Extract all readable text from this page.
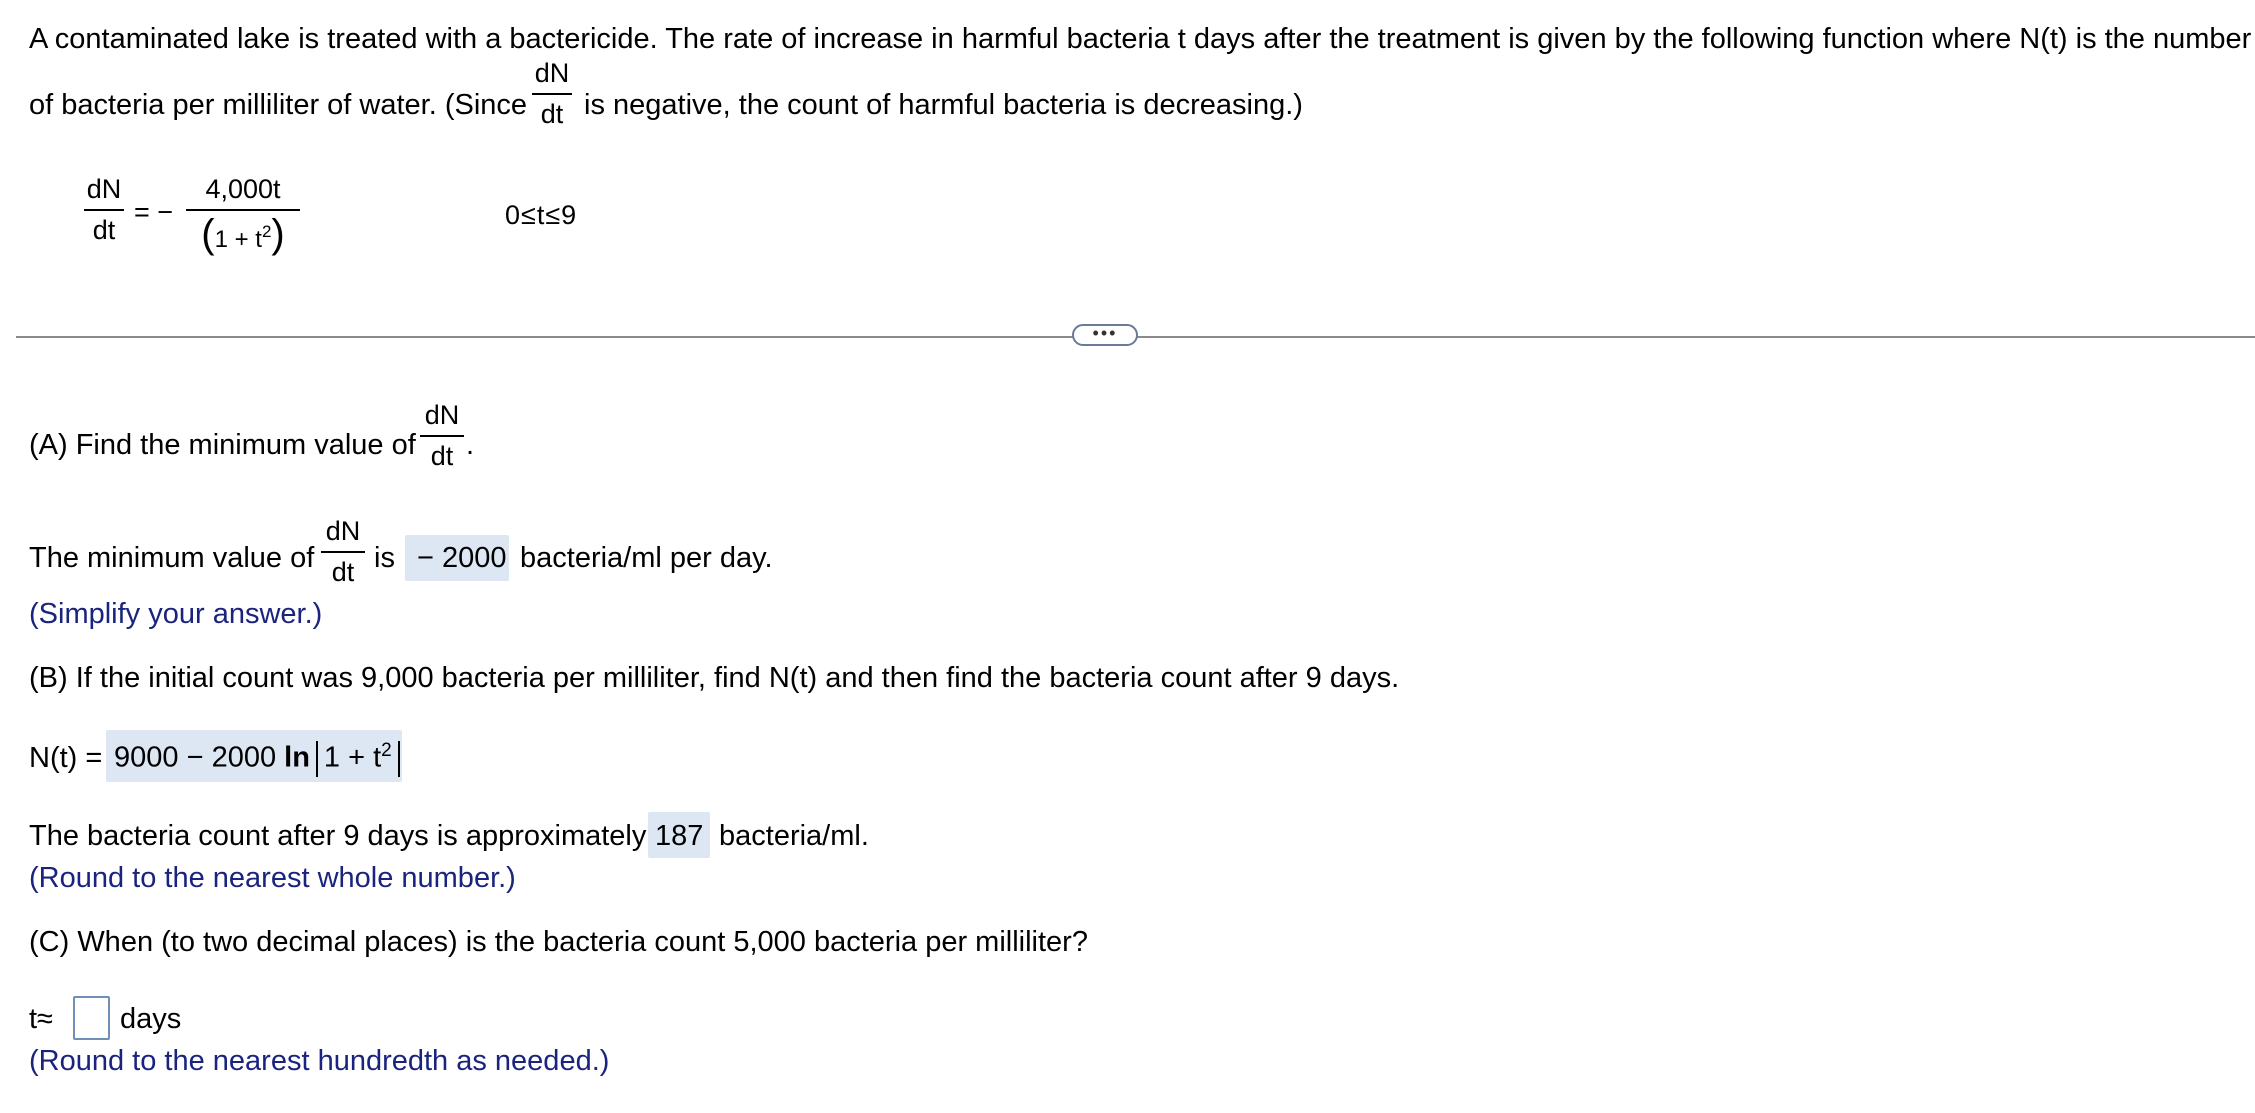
A contaminated lake is treated with a bactericide. The rate of increase in harmful bacteria t days after the treatment is given by the following function where N(t) is the number
of bacteria per milliliter of water. (Since
dN
dt is negative, the count of harmful bacteria is decreasing.)
dN
dt
= −
4,000t
$(1 + t^2)$	0≤t≤9
•••
(A) Find the minimum value of
dN
dt .
The minimum value of
dN
dt is − 2000 bacteria/ml per day.
(Simplify your answer.)
(B) If the initial count was 9,000 bacteria per milliliter, find N(t) and then find the bacteria count after 9 days.
N(t) = 9000 − 2000 $\ln 1 + t^2$
The bacteria count after 9 days is approximately 187 bacteria/ml.
(Round to the nearest whole number.)
(C) When (to two decimal places) is the bacteria count 5,000 bacteria per milliliter?
t≈ days
(Round to the nearest hundredth as needed.)
